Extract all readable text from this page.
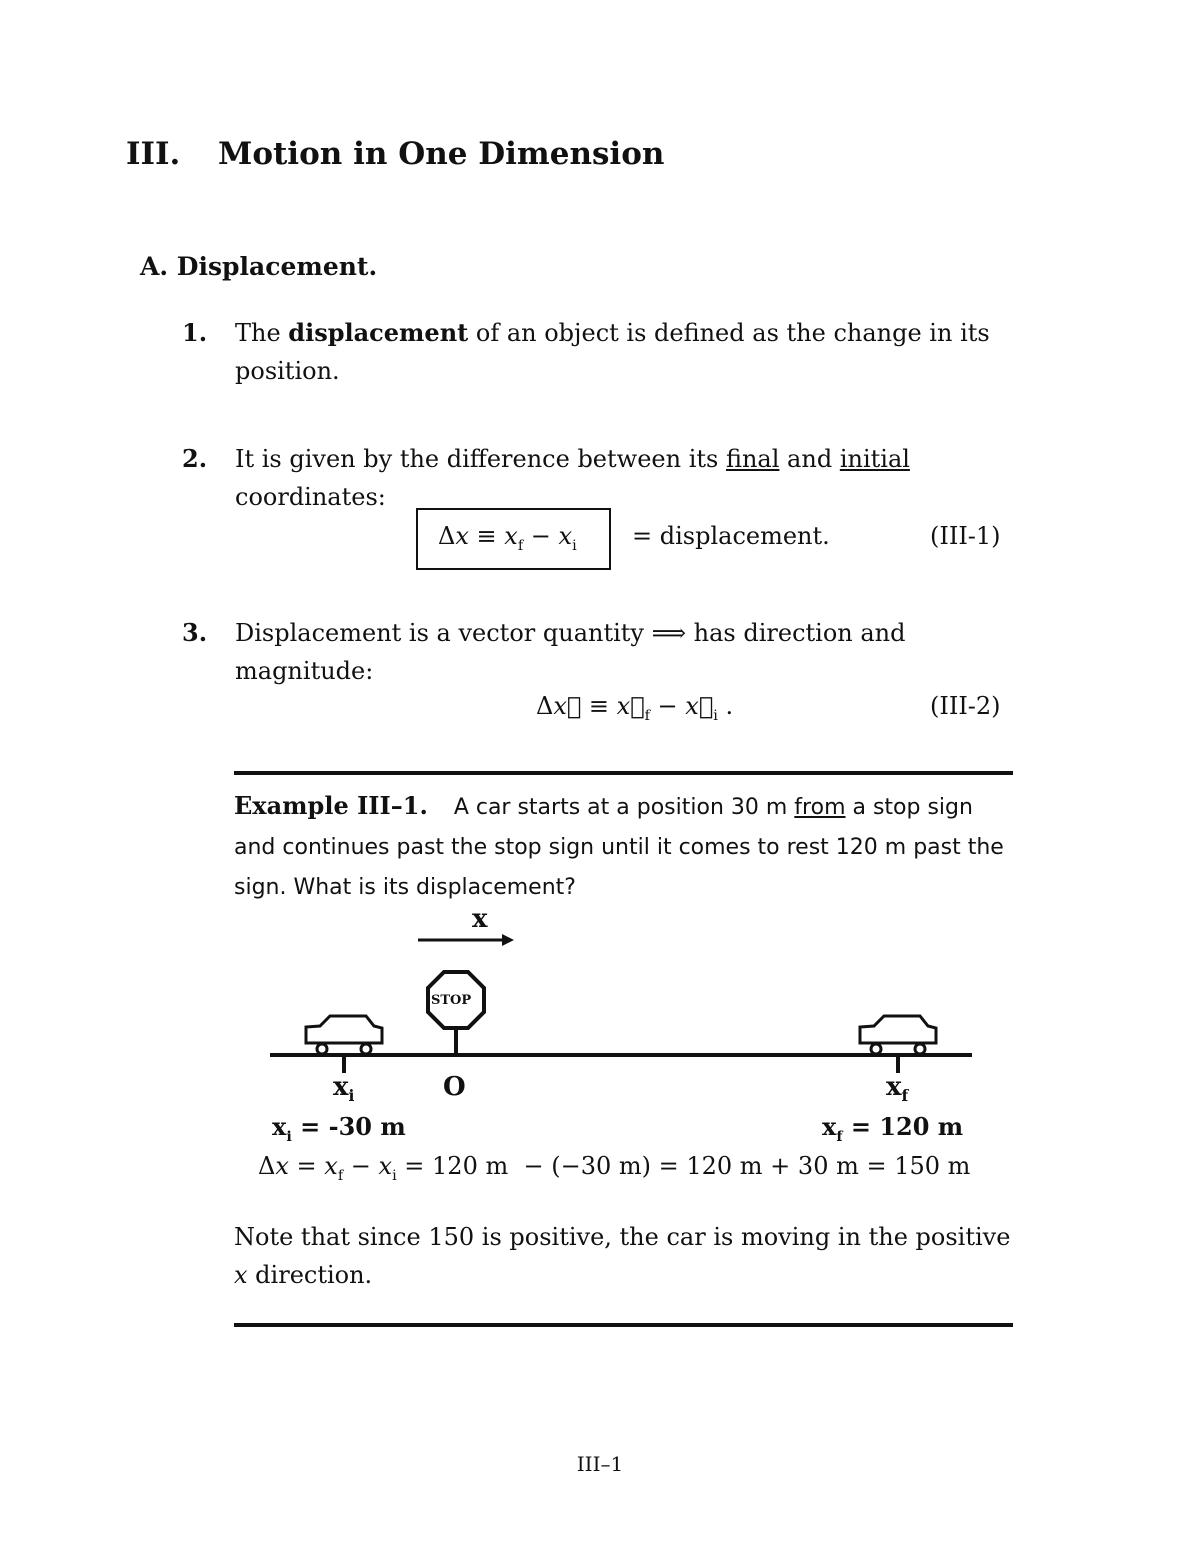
III. Motion in One Dimension
A. Displacement.
1. The displacement of an object is defined as the change in its position.
2. It is given by the difference between its final and initial coordinates:
$\Delta x \equiv x_f - x_i$ = displacement.	(III-1)
3. Displacement is a vector quantity ⟹ has direction and magnitude:
Δx⃗ ≡ $x⃗_f$ − $x⃗_i$ .	(III-2)
Example III–1. A car starts at a position 30 m from a stop sign and continues past the stop sign until it comes to rest 120 m past the sign. What is its displacement?
STOP
x
$x_i$	O	$x_f$
$x_i = -30$ m	$x_f = 120$ m
$\Delta x = x_f - x_i = 120$ m  − (−30 m) = 120 m + 30 m = 150 m
Note that since 150 is positive, the car is moving in the positive x direction.
III–1
